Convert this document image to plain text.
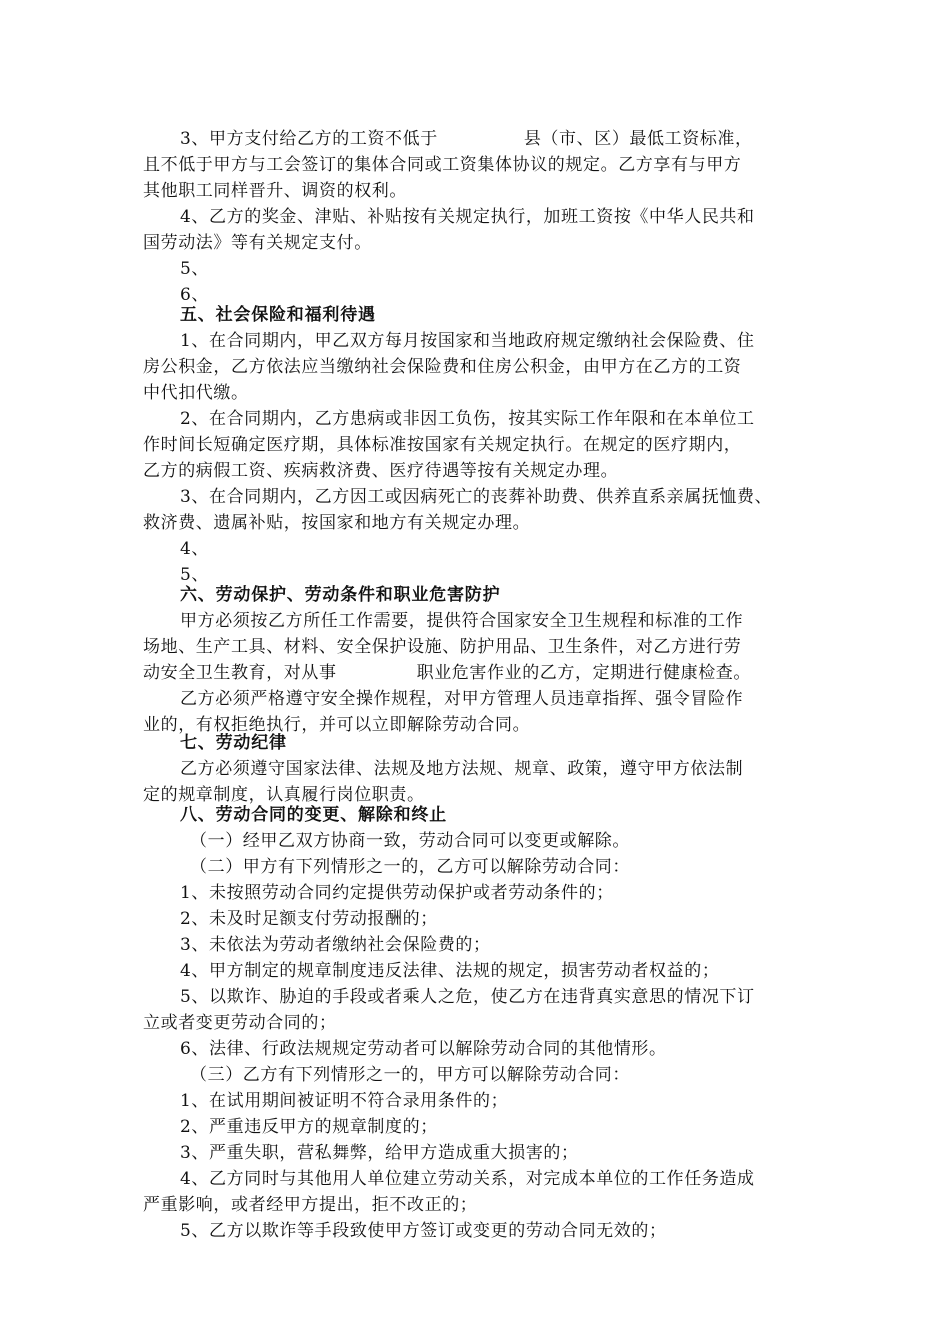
3、甲方支付给乙方的工资不低于	县（市、区）最低工资标准，
且不低于甲方与工会签订的集体合同或工资集体协议的规定。乙方享有与甲方
其他职工同样晋升、调资的权利。
4、乙方的奖金、津贴、补贴按有关规定执行，加班工资按《中华人民共和
国劳动法》等有关规定支付。
5、
6、
五、社会保险和福利待遇
1、在合同期内，甲乙双方每月按国家和当地政府规定缴纳社会保险费、住
房公积金，乙方依法应当缴纳社会保险费和住房公积金，由甲方在乙方的工资
中代扣代缴。
2、在合同期内，乙方患病或非因工负伤，按其实际工作年限和在本单位工
作时间长短确定医疗期，具体标准按国家有关规定执行。在规定的医疗期内，
乙方的病假工资、疾病救济费、医疗待遇等按有关规定办理。
3、在合同期内，乙方因工或因病死亡的丧葬补助费、供养直系亲属抚恤费、
救济费、遗属补贴，按国家和地方有关规定办理。
4、
5、
六、劳动保护、劳动条件和职业危害防护
甲方必须按乙方所任工作需要，提供符合国家安全卫生规程和标准的工作
场地、生产工具、材料、安全保护设施、防护用品、卫生条件，对乙方进行劳
动安全卫生教育，对从事	职业危害作业的乙方，定期进行健康检查。
乙方必须严格遵守安全操作规程，对甲方管理人员违章指挥、强令冒险作
业的，有权拒绝执行，并可以立即解除劳动合同。
七、劳动纪律
乙方必须遵守国家法律、法规及地方法规、规章、政策，遵守甲方依法制
定的规章制度，认真履行岗位职责。
八、劳动合同的变更、解除和终止
（一）经甲乙双方协商一致，劳动合同可以变更或解除。
（二）甲方有下列情形之一的，乙方可以解除劳动合同：
1、未按照劳动合同约定提供劳动保护或者劳动条件的；
2、未及时足额支付劳动报酬的；
3、未依法为劳动者缴纳社会保险费的；
4、甲方制定的规章制度违反法律、法规的规定，损害劳动者权益的；
5、以欺诈、胁迫的手段或者乘人之危，使乙方在违背真实意思的情况下订
立或者变更劳动合同的；
6、法律、行政法规规定劳动者可以解除劳动合同的其他情形。
（三）乙方有下列情形之一的，甲方可以解除劳动合同：
1、在试用期间被证明不符合录用条件的；
2、严重违反甲方的规章制度的；
3、严重失职，营私舞弊，给甲方造成重大损害的；
4、乙方同时与其他用人单位建立劳动关系，对完成本单位的工作任务造成
严重影响，或者经甲方提出，拒不改正的；
5、乙方以欺诈等手段致使甲方签订或变更的劳动合同无效的；
